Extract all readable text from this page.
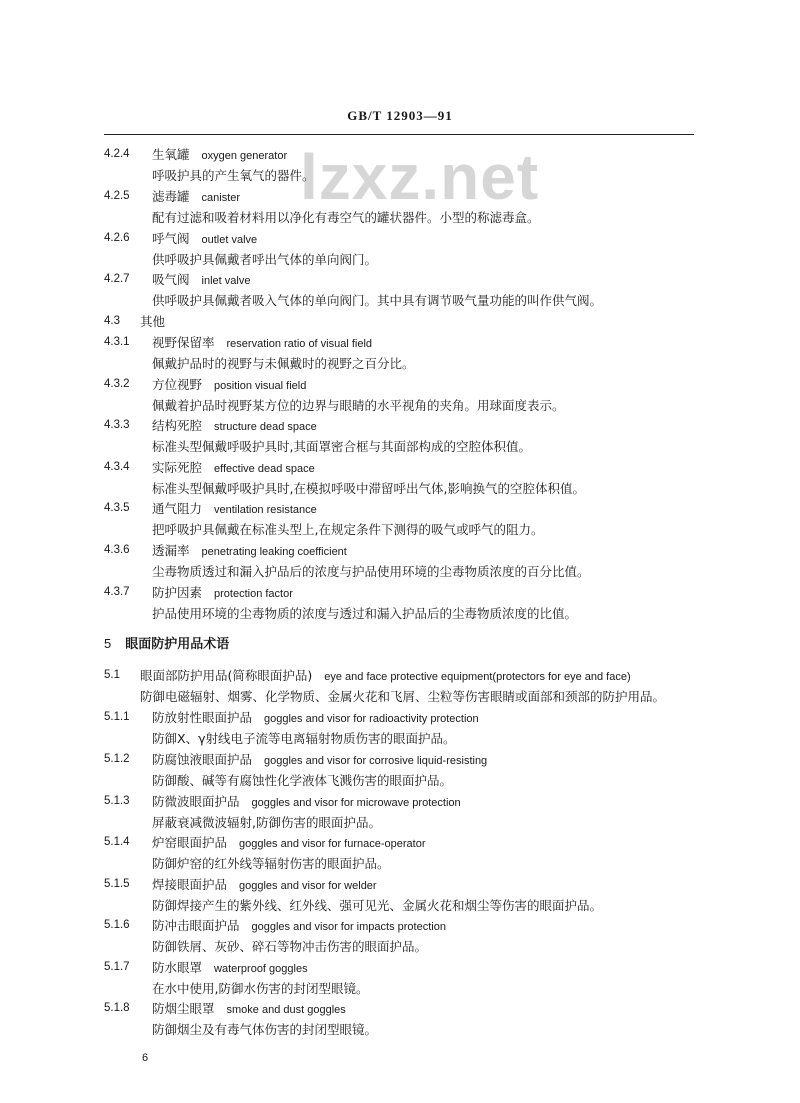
GB/T 12903—91
lzxz.net
4.2.4 生氧罐 oxygen generator
呼吸护具的产生氧气的器件。
4.2.5 滤毒罐 canister
配有过滤和吸着材料用以净化有毒空气的罐状器件。小型的称滤毒盒。
4.2.6 呼气阀 outlet valve
供呼吸护具佩戴者呼出气体的单向阀门。
4.2.7 吸气阀 inlet valve
供呼吸护具佩戴者吸入气体的单向阀门。其中具有调节吸气量功能的叫作供气阀。
4.3 其他
4.3.1 视野保留率 reservation ratio of visual field
佩戴护品时的视野与未佩戴时的视野之百分比。
4.3.2 方位视野 position visual field
佩戴着护品时视野某方位的边界与眼睛的水平视角的夹角。用球面度表示。
4.3.3 结构死腔 structure dead space
标准头型佩戴呼吸护具时,其面罩密合框与其面部构成的空腔体积值。
4.3.4 实际死腔 effective dead space
标准头型佩戴呼吸护具时,在模拟呼吸中滞留呼出气体,影响换气的空腔体积值。
4.3.5 通气阻力 ventilation resistance
把呼吸护具佩戴在标准头型上,在规定条件下测得的吸气或呼气的阻力。
4.3.6 透漏率 penetrating leaking coefficient
尘毒物质透过和漏入护品后的浓度与护品使用环境的尘毒物质浓度的百分比值。
4.3.7 防护因素 protection factor
护品使用环境的尘毒物质的浓度与透过和漏入护品后的尘毒物质浓度的比值。
5 眼面防护用品术语
5.1 眼面部防护用品(简称眼面护品) eye and face protective equipment(protectors for eye and face)
防御电磁辐射、烟雾、化学物质、金属火花和飞屑、尘粒等伤害眼睛或面部和颈部的防护用品。
5.1.1 防放射性眼面护品 goggles and visor for radioactivity protection
防御X、γ射线电子流等电离辐射物质伤害的眼面护品。
5.1.2 防腐蚀液眼面护品 goggles and visor for corrosive liquid-resisting
防御酸、碱等有腐蚀性化学液体飞溅伤害的眼面护品。
5.1.3 防微波眼面护品 goggles and visor for microwave protection
屏蔽衰减微波辐射,防御伤害的眼面护品。
5.1.4 炉窑眼面护品 goggles and visor for furnace-operator
防御炉窑的红外线等辐射伤害的眼面护品。
5.1.5 焊接眼面护品 goggles and visor for welder
防御焊接产生的紫外线、红外线、强可见光、金属火花和烟尘等伤害的眼面护品。
5.1.6 防冲击眼面护品 goggles and visor for impacts protection
防御铁屑、灰砂、碎石等物冲击伤害的眼面护品。
5.1.7 防水眼罩 waterproof goggles
在水中使用,防御水伤害的封闭型眼镜。
5.1.8 防烟尘眼罩 smoke and dust goggles
防御烟尘及有毒气体伤害的封闭型眼镜。
6
